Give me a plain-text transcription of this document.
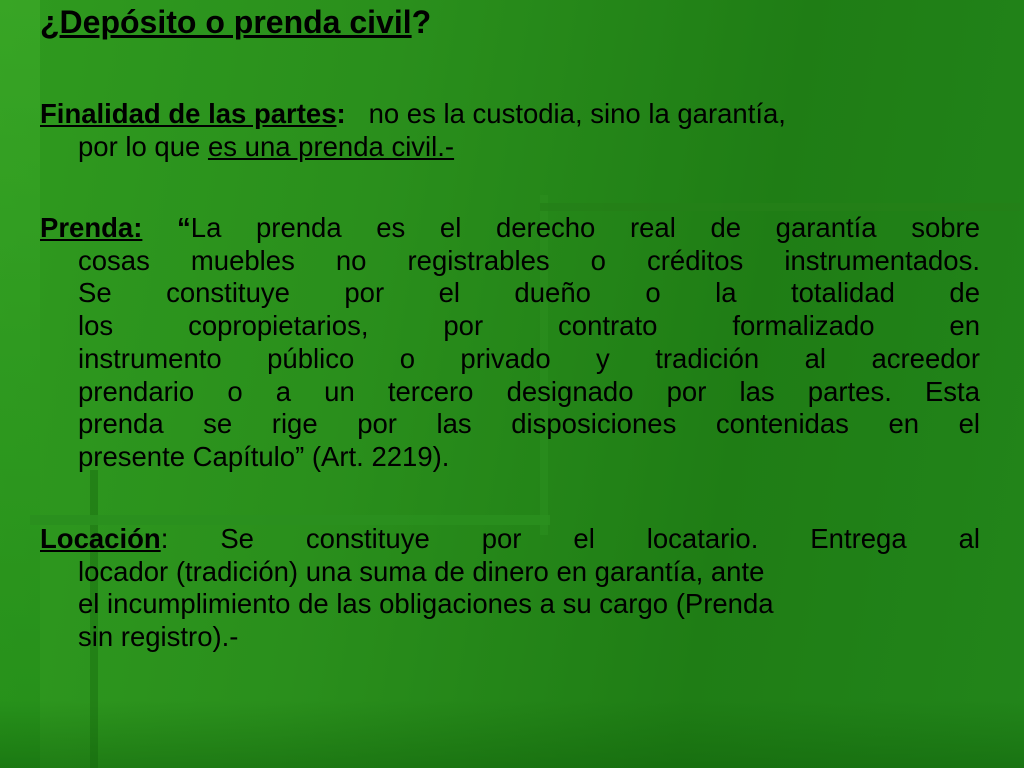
¿Depósito o prenda civil?
Finalidad de las partes: no es la custodia, sino la garantía,
por lo que es una prenda civil.-
Prenda: “La prenda es el derecho real de garantía sobre
cosas muebles no registrables o créditos instrumentados.
Se constituye por el dueño o la totalidad de
los copropietarios, por contrato formalizado en
instrumento público o privado y tradición al acreedor
prendario o a un tercero designado por las partes. Esta
prenda se rige por las disposiciones contenidas en el
presente Capítulo” (Art. 2219).
Locación: Se constituye por el locatario. Entrega al
locador (tradición) una suma de dinero en garantía, ante
el incumplimiento de las obligaciones a su cargo (Prenda
sin registro).-
